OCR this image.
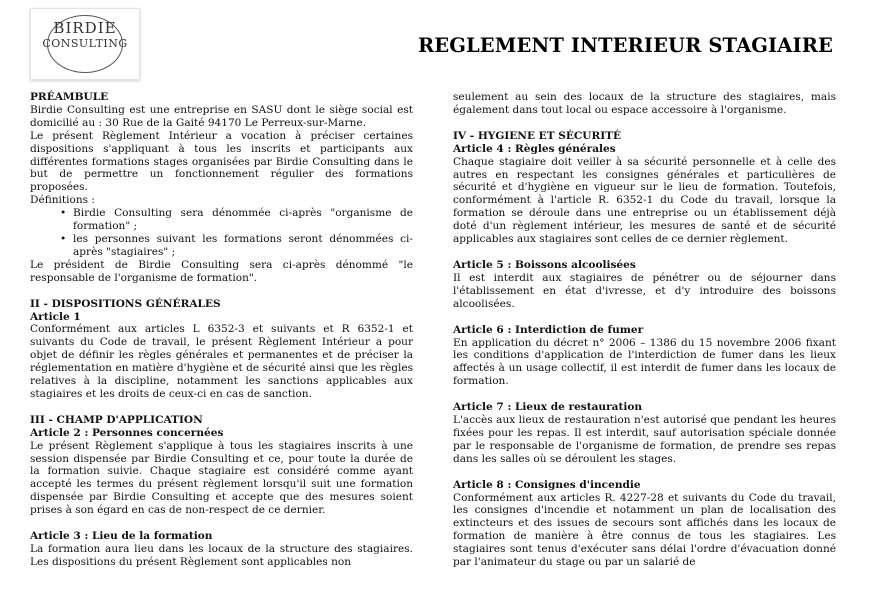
BIRDIE
CONSULTING	REGLEMENT INTERIEUR STAGIAIRE

PRÉAMBULE

Birdie Consulting est une entreprise en SASU dont le siège social est domicilié au : 30 Rue de la Gaité 94170 Le Perreux-sur-Marne.

Le présent Règlement Intérieur a vocation à préciser certaines dispositions s'appliquant à tous les inscrits et participants aux différentes formations stages organisées par Birdie Consulting dans le but de permettre un fonctionnement régulier des formations proposées.

Définitions :

• Birdie Consulting sera dénommée ci-après "organisme de formation" ;
• les personnes suivant les formations seront dénommées ci-après "stagiaires" ;

Le président de Birdie Consulting sera ci-après dénommé "le responsable de l'organisme de formation".

II - DISPOSITIONS GÉNÉRALES

Article 1

Conformément aux articles L 6352-3 et suivants et R 6352-1 et suivants du Code de travail, le présent Règlement Intérieur a pour objet de définir les règles générales et permanentes et de préciser la réglementation en matière d'hygiène et de sécurité ainsi que les règles relatives à la discipline, notamment les sanctions applicables aux stagiaires et les droits de ceux-ci en cas de sanction.

III - CHAMP D'APPLICATION

Article 2 : Personnes concernées

Le présent Règlement s'applique à tous les stagiaires inscrits à une session dispensée par Birdie Consulting et ce, pour toute la durée de la formation suivie. Chaque stagiaire est considéré comme ayant accepté les termes du présent règlement lorsqu'il suit une formation dispensée par Birdie Consulting et accepte que des mesures soient prises à son égard en cas de non-respect de ce dernier.

Article 3 : Lieu de la formation

La formation aura lieu dans les locaux de la structure des stagiaires. Les dispositions du présent Règlement sont applicables non

seulement au sein des locaux de la structure des stagiaires, mais également dans tout local ou espace accessoire à l'organisme.

IV - HYGIENE ET SÉCURITÉ

Article 4 : Règles générales

Chaque stagiaire doit veiller à sa sécurité personnelle et à celle des autres en respectant les consignes générales et particulières de sécurité et d'hygiène en vigueur sur le lieu de formation. Toutefois, conformément à l'article R. 6352-1 du Code du travail, lorsque la formation se déroule dans une entreprise ou un établissement déjà doté d'un règlement intérieur, les mesures de santé et de sécurité applicables aux stagiaires sont celles de ce dernier règlement.

Article 5 : Boissons alcoolisées

Il est interdit aux stagiaires de pénétrer ou de séjourner dans l'établissement en état d'ivresse, et d'y introduire des boissons alcoolisées.

Article 6 : Interdiction de fumer

En application du décret n° 2006 – 1386 du 15 novembre 2006 fixant les conditions d'application de l'interdiction de fumer dans les lieux affectés à un usage collectif, il est interdit de fumer dans les locaux de formation.

Article 7 : Lieux de restauration

L'accès aux lieux de restauration n'est autorisé que pendant les heures fixées pour les repas. Il est interdit, sauf autorisation spéciale donnée par le responsable de l'organisme de formation, de prendre ses repas dans les salles où se déroulent les stages.

Article 8 : Consignes d'incendie

Conformément aux articles R. 4227-28 et suivants du Code du travail, les consignes d'incendie et notamment un plan de localisation des extincteurs et des issues de secours sont affichés dans les locaux de formation de manière à être connus de tous les stagiaires. Les stagiaires sont tenus d'exécuter sans délai l'ordre d'évacuation donné par l'animateur du stage ou par un salarié de
